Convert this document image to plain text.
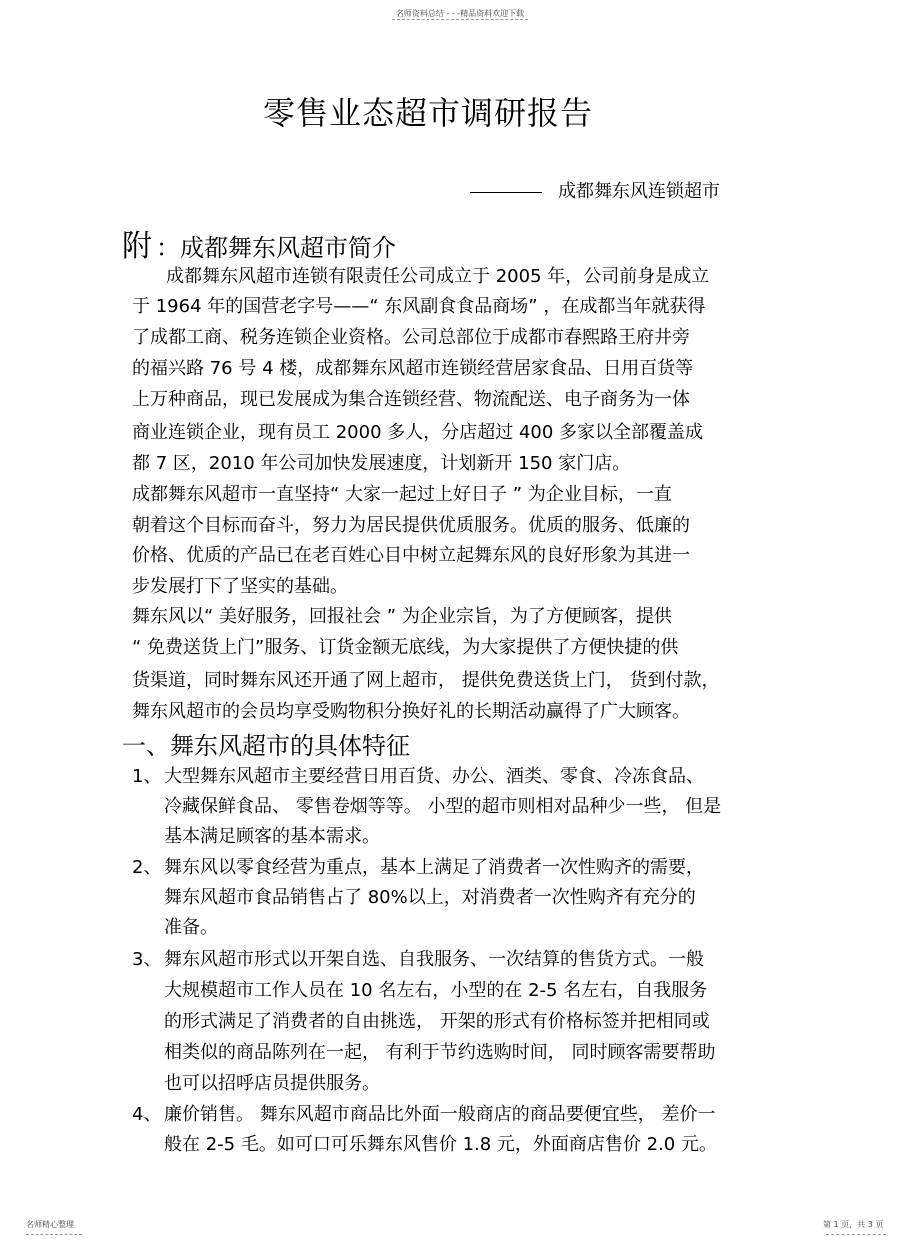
名师资料总结 - - -精品资料欢迎下载
零售业态超市调研报告
成都舞东风连锁超市
附 ：成都舞东风超市简介
成都舞东风超市连锁有限责任公司成立于 2005 年，公司前身是成立
于 1964 年的国营老字号——“ 东风副食食品商场” ，在成都当年就获得
了成都工商、税务连锁企业资格。公司总部位于成都市春熙路王府井旁
的福兴路 76 号 4 楼，成都舞东风超市连锁经营居家食品、日用百货等
上万种商品，现已发展成为集合连锁经营、物流配送、电子商务为一体
商业连锁企业，现有员工 2000 多人，分店超过 400 多家以全部覆盖成
都 7 区，2010 年公司加快发展速度，计划新开 150 家门店。
成都舞东风超市一直坚持“ 大家一起过上好日子 ” 为企业目标，一直
朝着这个目标而奋斗，努力为居民提供优质服务。优质的服务、低廉的
价格、优质的产品已在老百姓心目中树立起舞东风的良好形象为其进一
步发展打下了坚实的基础。
舞东风以“ 美好服务，回报社会 ” 为企业宗旨，为了方便顾客，提供
“ 免费送货上门”服务、订货金额无底线，为大家提供了方便快捷的供
货渠道，同时舞东风还开通了网上超市， 提供免费送货上门， 货到付款，
舞东风超市的会员均享受购物积分换好礼的长期活动赢得了广大顾客。
一、舞东风超市的具体特征
1、 大型舞东风超市主要经营日用百货、办公、酒类、零食、冷冻食品、
冷藏保鲜食品、 零售卷烟等等。 小型的超市则相对品种少一些， 但是
基本满足顾客的基本需求。
2、 舞东风以零食经营为重点，基本上满足了消费者一次性购齐的需要，
舞东风超市食品销售占了 80%以上，对消费者一次性购齐有充分的
准备。
3、 舞东风超市形式以开架自选、自我服务、一次结算的售货方式。一般
大规模超市工作人员在 10 名左右，小型的在 2-5 名左右，自我服务
的形式满足了消费者的自由挑选， 开架的形式有价格标签并把相同或
相类似的商品陈列在一起， 有利于节约选购时间， 同时顾客需要帮助
也可以招呼店员提供服务。
4、 廉价销售。 舞东风超市商品比外面一般商店的商品要便宜些， 差价一
般在 2-5 毛。如可口可乐舞东风售价 1.8 元，外面商店售价 2.0 元。
名师精心整理	第 1 页，共 3 页
